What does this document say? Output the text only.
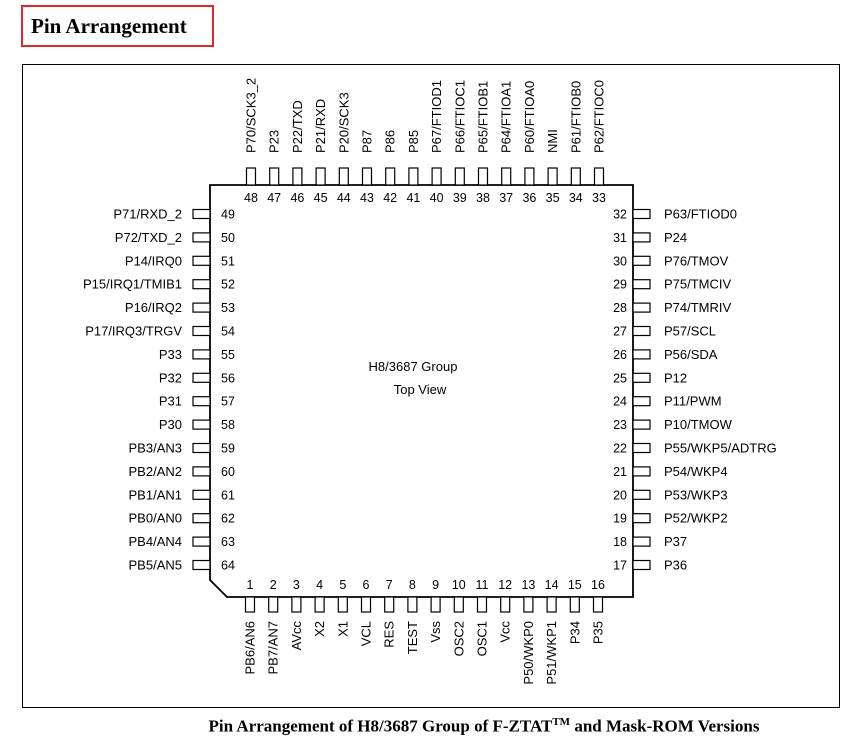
Pin Arrangement
H8/3687 Group
Top View
1
PB6/AN6
2
PB7/AN7
3
AVcc
4
X2
5
X1
6
VCL
7
RES
8
TEST
9
Vss
10
OSC2
11
OSC1
12
Vcc
13
P50/WKP0
14
P51/WKP1
15
P34
16
P35
17	P36
18	P37
19	P52/WKP2
20	P53/WKP3
21	P54/WKP4
22	P55/WKP5/ADTRG
23	P10/TMOW
24	P11/PWM
25	P12
26	P56/SDA
27	P57/SCL
28	P74/TMRIV
29	P75/TMCIV
30	P76/TMOV
31	P24
32	P63/FTIOD0
33
P62/FTIOC0
34
P61/FTIOB0
35
NMI
36
P60/FTIOA0
37
P64/FTIOA1
38
P65/FTIOB1
39
P66/FTIOC1
40
P67/FTIOD1
41
P85
42
P86
43
P87
44
P20/SCK3
45
P21/RXD
46
P22/TXD
47
P23
48
P70/SCK3_2
49
P71/RXD_2
50
P72/TXD_2
51
P14/IRQ0
52
P15/IRQ1/TMIB1
53
P16/IRQ2
54
P17/IRQ3/TRGV
55
P33
56
P32
57
P31
58
P30
59
PB3/AN3
60
PB2/AN2
61
PB1/AN1
62
PB0/AN0
63
PB4/AN4
64
PB5/AN5
Pin Arrangement of H8/3687 Group of F-ZTAT™ and Mask-ROM Versions
